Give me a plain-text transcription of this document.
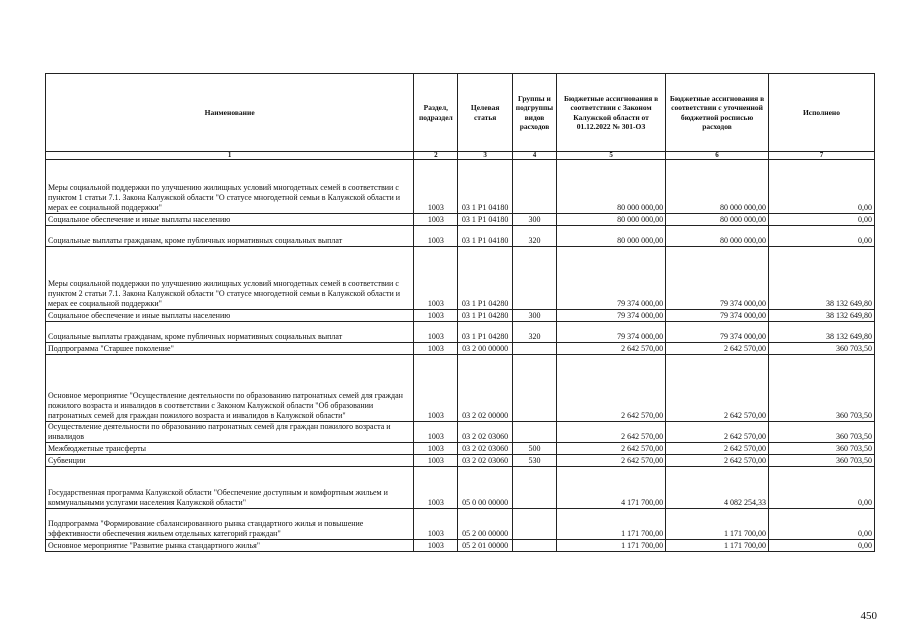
Наименование	Раздел, подраздел	Целевая статья	Группы и подгруппы видов расходов	Бюджетные ассигнования в соответствии с Законом Калужской области от 01.12.2022 № 301-ОЗ	Бюджетные ассигнования в соответствии с уточненной бюджетной росписью расходов	Исполнено
1	2	3	4	5	6	7
Меры социальной поддержки по улучшению жилищных условий многодетных семей в соответствии с пунктом 1 статьи 7.1. Закона Калужской области "О статусе многодетной семьи в Калужской области и мерах ее социальной поддержки"	1003	03 1 P1 04180		80 000 000,00	80 000 000,00	0,00
Социальное обеспечение и иные выплаты населению	1003	03 1 P1 04180	300	80 000 000,00	80 000 000,00	0,00
Социальные выплаты гражданам, кроме публичных нормативных социальных выплат	1003	03 1 P1 04180	320	80 000 000,00	80 000 000,00	0,00
Меры социальной поддержки по улучшению жилищных условий многодетных семей в соответствии с пунктом 2 статьи 7.1. Закона Калужской области "О статусе многодетной семьи в Калужской области и мерах ее социальной поддержки"	1003	03 1 P1 04280		79 374 000,00	79 374 000,00	38 132 649,80
Социальное обеспечение и иные выплаты населению	1003	03 1 P1 04280	300	79 374 000,00	79 374 000,00	38 132 649,80
Социальные выплаты гражданам, кроме публичных нормативных социальных выплат	1003	03 1 P1 04280	320	79 374 000,00	79 374 000,00	38 132 649,80
Подпрограмма "Старшее поколение"	1003	03 2 00 00000		2 642 570,00	2 642 570,00	360 703,50
Основное мероприятие "Осуществление деятельности по образованию патронатных семей для граждан пожилого возраста и инвалидов в соответствии с Законом Калужской области "Об образовании патронатных семей для граждан пожилого возраста и инвалидов в Калужской области"	1003	03 2 02 00000		2 642 570,00	2 642 570,00	360 703,50
Осуществление деятельности по образованию патронатных семей для граждан пожилого возраста и инвалидов	1003	03 2 02 03060		2 642 570,00	2 642 570,00	360 703,50
Межбюджетные трансферты	1003	03 2 02 03060	500	2 642 570,00	2 642 570,00	360 703,50
Субвенции	1003	03 2 02 03060	530	2 642 570,00	2 642 570,00	360 703,50
Государственная программа Калужской области "Обеспечение доступным и комфортным жильем и коммунальными услугами населения Калужской области"	1003	05 0 00 00000		4 171 700,00	4 082 254,33	0,00
Подпрограмма "Формирование сбалансированного рынка стандартного жилья и повышение эффективности обеспечения жильем отдельных категорий граждан"	1003	05 2 00 00000		1 171 700,00	1 171 700,00	0,00
Основное мероприятие "Развитие рынка стандартного жилья"	1003	05 2 01 00000		1 171 700,00	1 171 700,00	0,00
450
